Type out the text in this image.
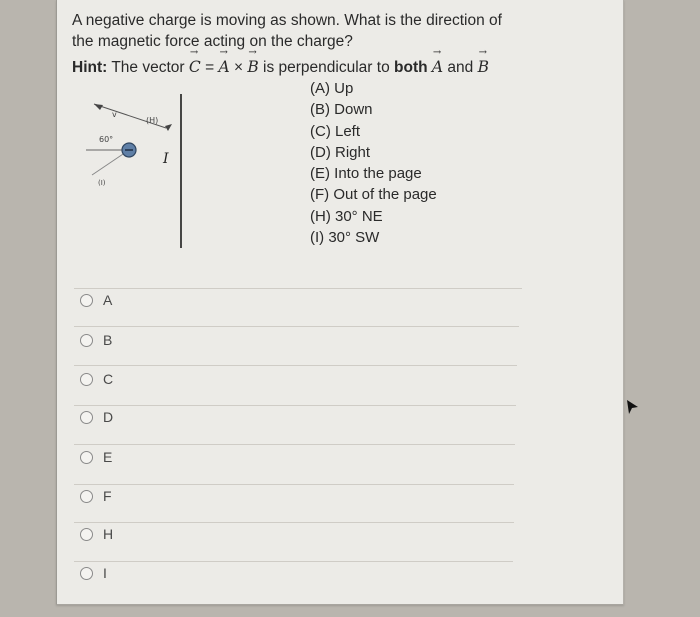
A negative charge is moving as shown. What is the direction of
the magnetic force acting on the charge?
Hint: The vector → C = → A × → B is perpendicular to both → A and → B
(A) Up
(B) Down
(C) Left
(D) Right
(E) Into the page
(F) Out of the page
(H) 30° NE
(I) 30° SW
v
(H)
60°
(I)
I
A
B
C
D
E
F
H
I
